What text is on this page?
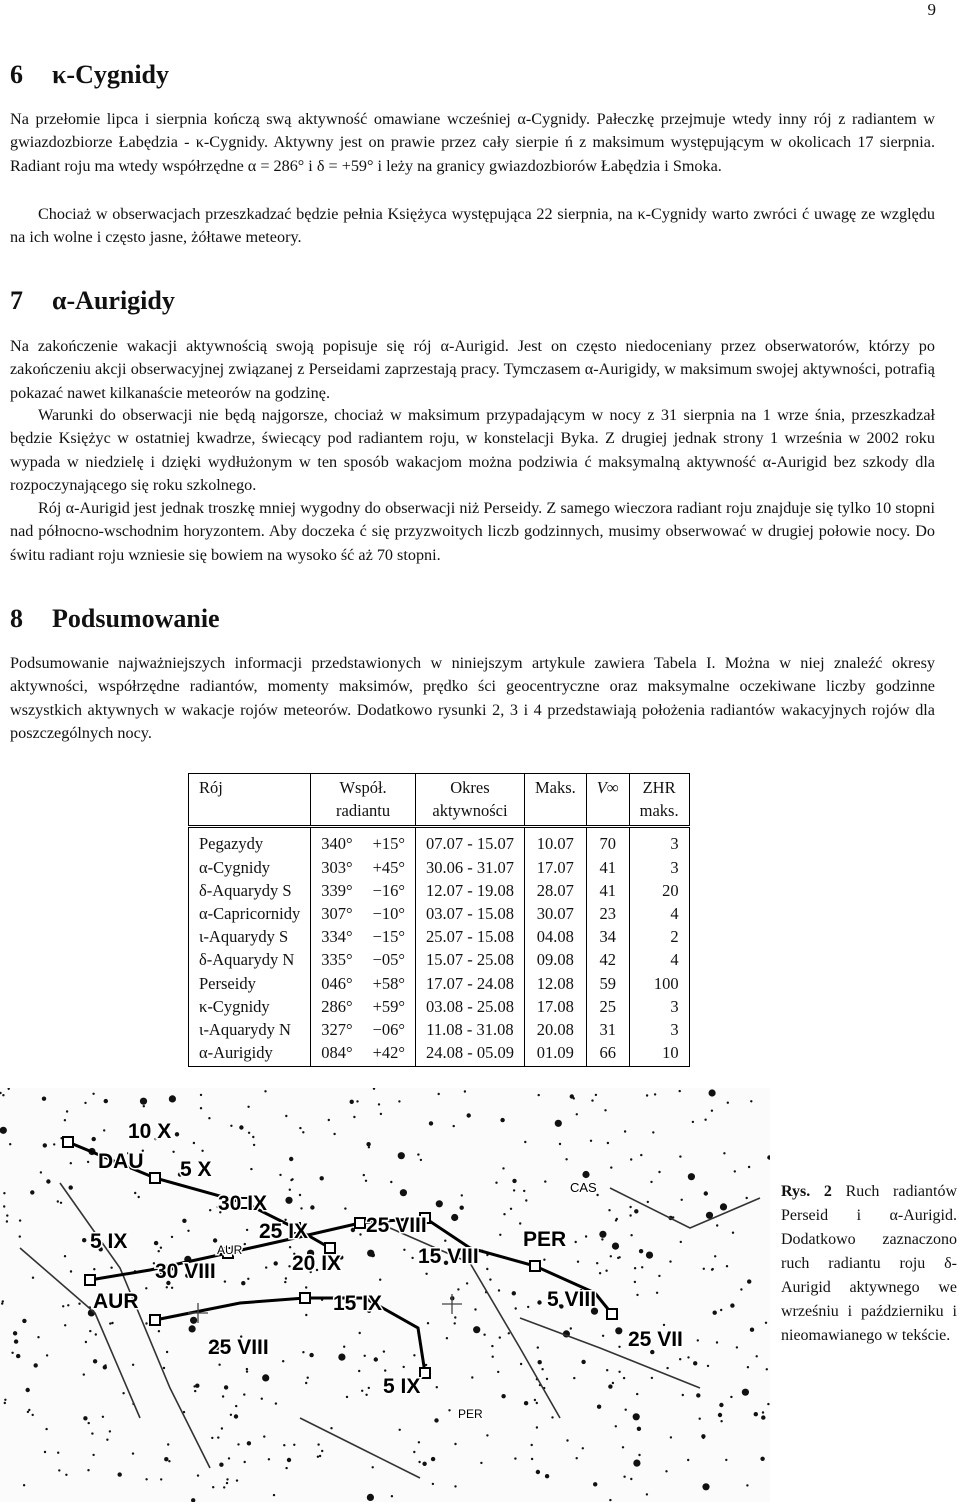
9
6 κ-Cygnidy

Na przełomie lipca i sierpnia kończą swą aktywność omawiane wcześniej α-Cygnidy. Pałeczkę przejmuje wtedy inny rój z radiantem w gwiazdozbiorze Łabędzia - κ-Cygnidy. Aktywny jest on prawie przez cały sierpie ń z maksimum występującym w okolicach 17 sierpnia. Radiant roju ma wtedy współrzędne α = 286° i δ = +59° i leży na granicy gwiazdozbiorów Łabędzia i Smoka.

Chociaż w obserwacjach przeszkadzać będzie pełnia Księżyca występująca 22 sierpnia, na κ-Cygnidy warto zwróci ć uwagę ze względu na ich wolne i często jasne, żółtawe meteory.

7 α-Aurigidy

Na zakończenie wakacji aktywnością swoją popisuje się rój α-Aurigid. Jest on często niedoceniany przez obserwatorów, którzy po zakończeniu akcji obserwacyjnej związanej z Perseidami zaprzestają pracy. Tymczasem α-Aurigidy, w maksimum swojej aktywności, potrafią pokazać nawet kilkanaście meteorów na godzinę.

Warunki do obserwacji nie będą najgorsze, chociaż w maksimum przypadającym w nocy z 31 sierpnia na 1 wrze śnia, przeszkadzał będzie Księżyc w ostatniej kwadrze, świecący pod radiantem roju, w konstelacji Byka. Z drugiej jednak strony 1 września w 2002 roku wypada w niedzielę i dzięki wydłużonym w ten sposób wakacjom można podziwia ć maksymalną aktywność α-Aurigid bez szkody dla rozpoczynającego się roku szkolnego.

Rój α-Aurigid jest jednak troszkę mniej wygodny do obserwacji niż Perseidy. Z samego wieczora radiant roju znajduje się tylko 10 stopni nad północno-wschodnim horyzontem. Aby doczeka ć się przyzwoitych liczb godzinnych, musimy obserwować w drugiej połowie nocy. Do świtu radiant roju wzniesie się bowiem na wysoko ść aż 70 stopni.

8 Podsumowanie

Podsumowanie najważniejszych informacji przedstawionych w niniejszym artykule zawiera Tabela I. Można w niej znaleźć okresy aktywności, współrzędne radiantów, momenty maksimów, prędko ści geocentryczne oraz maksymalne oczekiwane liczby godzinne wszystkich aktywnych w wakacje rojów meteorów. Dodatkowo rysunki 2, 3 i 4 przedstawiają położenia radiantów wakacyjnych rojów dla poszczególnych nocy.

Rój	Współ.		Okres	Maks.	V∞	ZHR
	radiantu		aktywności			maks.
Pegazydy	340°	+15°	07.07 - 15.07	10.07	70	3
α-Cygnidy	303°	+45°	30.06 - 31.07	17.07	41	3
δ-Aquarydy S	339°	−16°	12.07 - 19.08	28.07	41	20
α-Capricornidy	307°	−10°	03.07 - 15.08	30.07	23	4
ι-Aquarydy S	334°	−15°	25.07 - 15.08	04.08	34	2
δ-Aquarydy N	335°	−05°	15.07 - 25.08	09.08	42	4
Perseidy	046°	+58°	17.07 - 24.08	12.08	59	100
κ-Cygnidy	286°	+59°	03.08 - 25.08	17.08	25	3
ι-Aquarydy N	327°	−06°	11.08 - 31.08	20.08	31	3
α-Aurigidy	084°	+42°	24.08 - 05.09	01.09	66	10
10 X
DAU 5 X
30 IX
5 IX	25 IX
AUR
20 IX
30 VIII
AUR	15 IX
25 VIII
25 VIII
15 VIII
PER
CAS
5 VIII
25 VII
5 IX
PER
Rys. 2 Ruch radiantów Perseid i α-Aurigid. Dodatkowo zaznaczono ruch radiantu roju δ-Aurigid aktywnego we wrześniu i październiku i nieomawianego w tekście.
